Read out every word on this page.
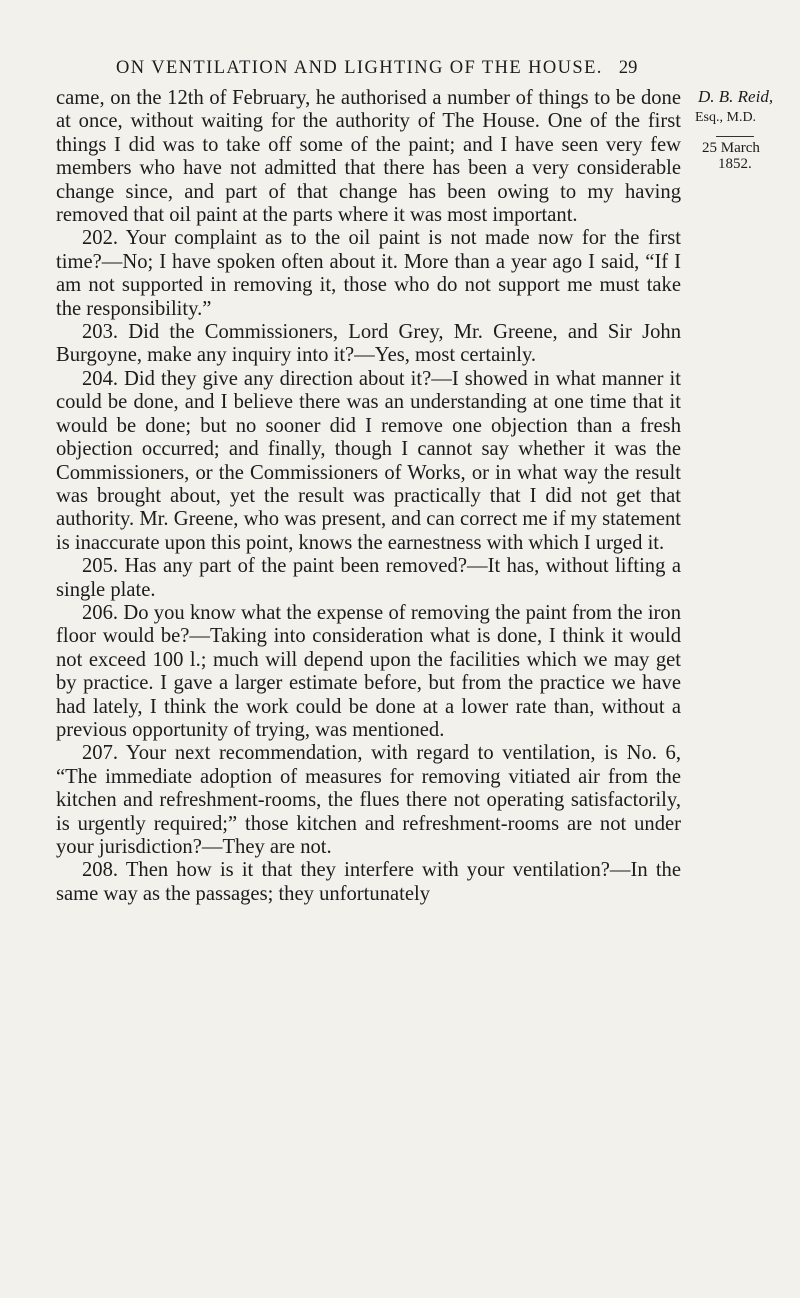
ON VENTILATION AND LIGHTING OF THE HOUSE. 29

came, on the 12th of February, he authorised a number of things to be done at once, without waiting for the authority of The House. One of the first things I did was to take off some of the paint; and I have seen very few members who have not admitted that there has been a very considerable change since, and part of that change has been owing to my having removed that oil paint at the parts where it was most important.

202. Your complaint as to the oil paint is not made now for the first time?—No; I have spoken often about it. More than a year ago I said, “If I am not supported in removing it, those who do not support me must take the responsibility.”

203. Did the Commissioners, Lord Grey, Mr. Greene, and Sir John Burgoyne, make any inquiry into it?—Yes, most certainly.

204. Did they give any direction about it?—I showed in what manner it could be done, and I believe there was an understanding at one time that it would be done; but no sooner did I remove one objection than a fresh objection occurred; and finally, though I cannot say whether it was the Commissioners, or the Commissioners of Works, or in what way the result was brought about, yet the result was practically that I did not get that authority. Mr. Greene, who was present, and can correct me if my statement is inaccurate upon this point, knows the earnestness with which I urged it.

205. Has any part of the paint been removed?—It has, without lifting a single plate.

206. Do you know what the expense of removing the paint from the iron floor would be?—Taking into consideration what is done, I think it would not exceed 100 l.; much will depend upon the facilities which we may get by practice. I gave a larger estimate before, but from the practice we have had lately, I think the work could be done at a lower rate than, without a previous opportunity of trying, was mentioned.

207. Your next recommendation, with regard to ventilation, is No. 6, “The immediate adoption of measures for removing vitiated air from the kitchen and refreshment-rooms, the flues there not operating satisfactorily, is urgently required;” those kitchen and refreshment-rooms are not under your jurisdiction?—They are not.

208. Then how is it that they interfere with your ventilation?—In the same way as the passages; they unfortunately

D. B. Reid,
Esq., M.D.
25 March
1852.
